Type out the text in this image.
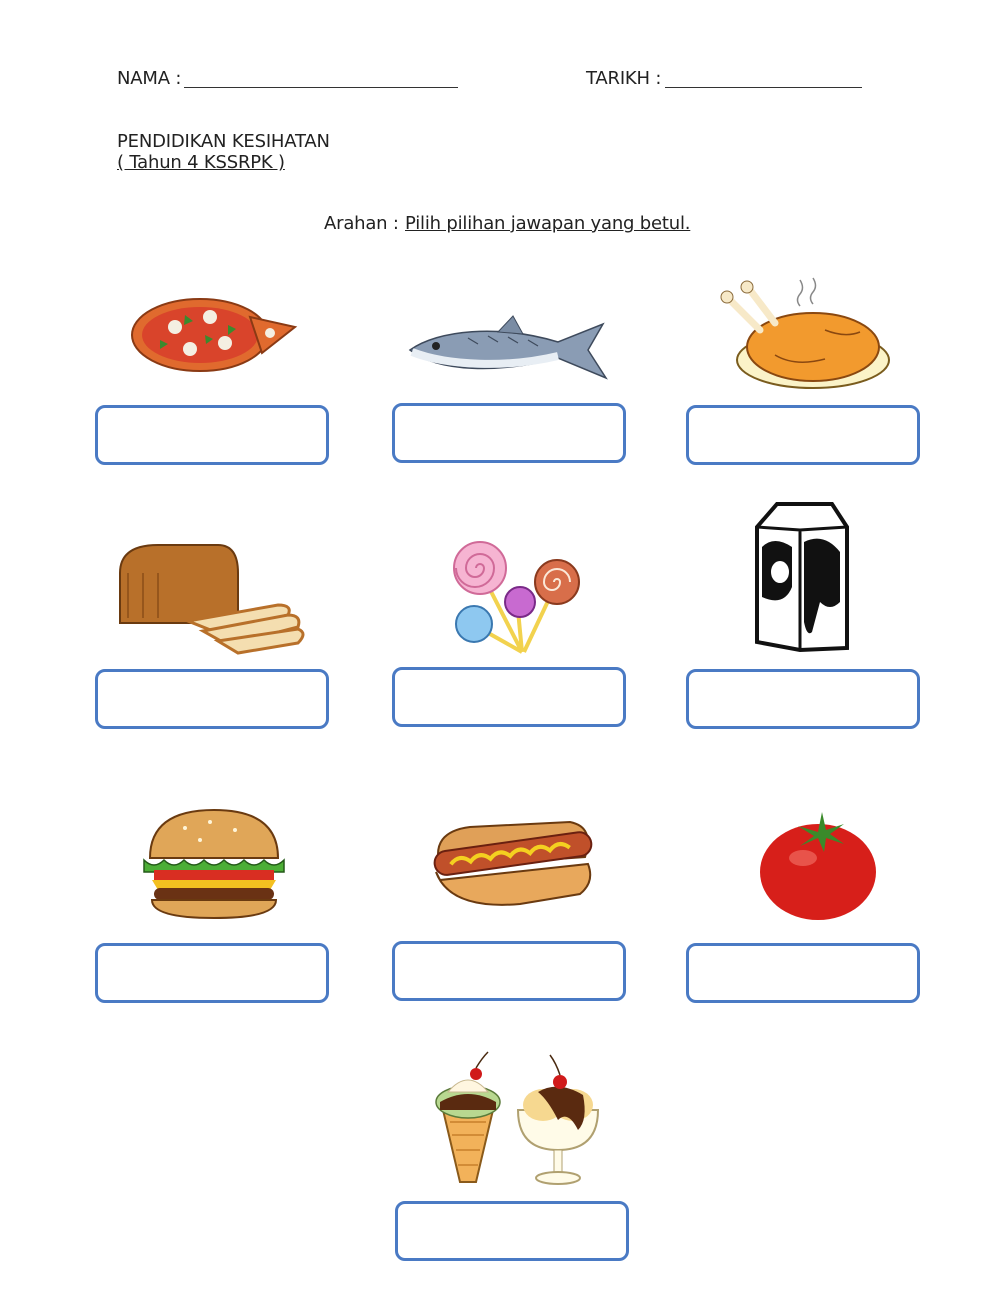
NAMA :	TARIKH :
PENDIDIKAN KESIHATAN
( Tahun 4 KSSRPK )
Arahan : Pilih pilihan jawapan yang betul.
